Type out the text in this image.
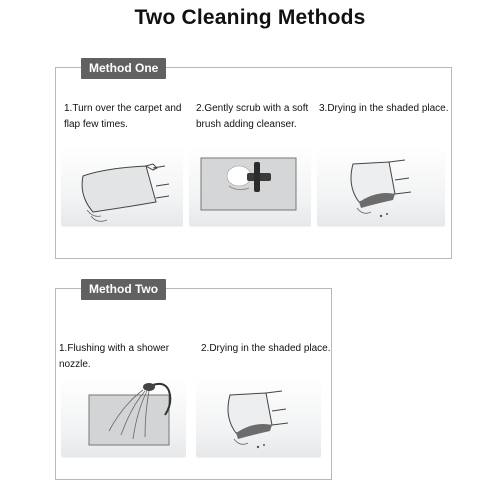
Two Cleaning Methods
Method One
1.Turn over the carpet and flap few times.
2.Gently scrub with a soft brush adding cleanser.
3.Drying in the shaded place.
Method Two
1.Flushing with a shower nozzle.
2.Drying in the shaded place.
